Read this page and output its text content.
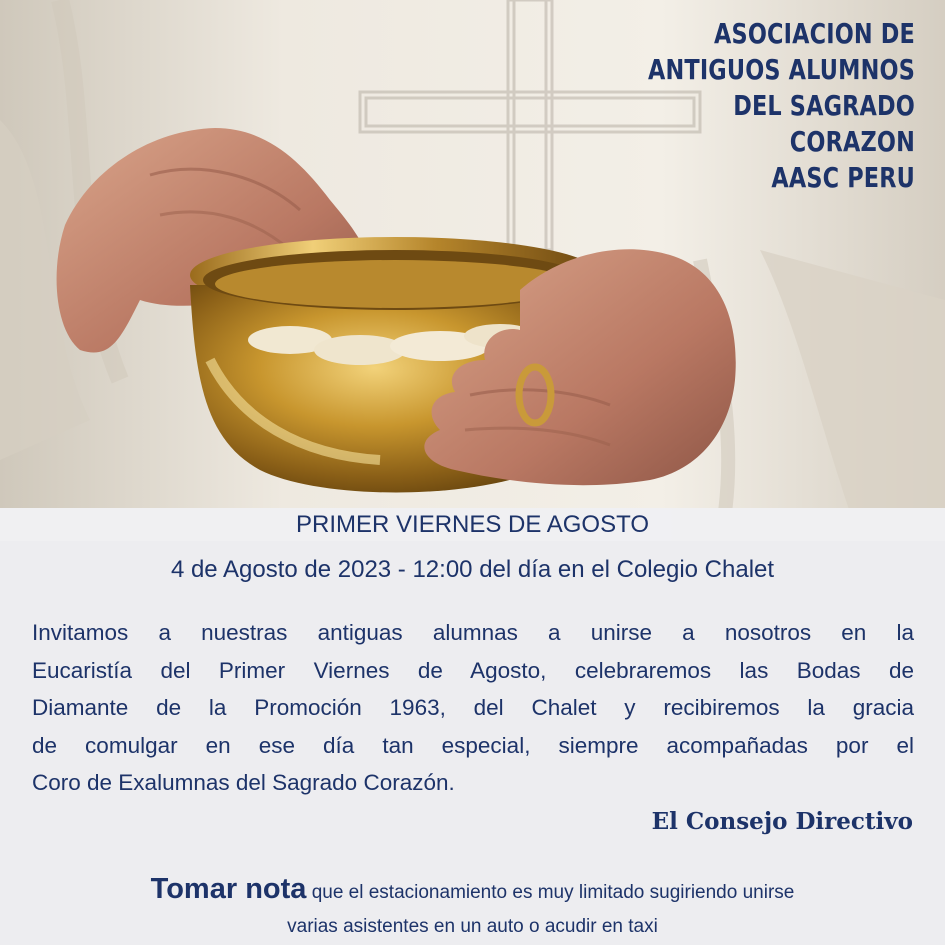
ASOCIACION DE
ANTIGUOS ALUMNOS
DEL SAGRADO
CORAZON
AASC PERU
PRIMER VIERNES DE AGOSTO
4 de Agosto de 2023 - 12:00 del día en el Colegio Chalet
Invitamos a nuestras antiguas alumnas a unirse a nosotros en la
Eucaristía del Primer Viernes de Agosto, celebraremos las Bodas de
Diamante de la Promoción 1963, del Chalet y recibiremos la gracia
de comulgar en ese día tan especial, siempre acompañadas por el
Coro de Exalumnas del Sagrado Corazón.
El Consejo Directivo
Tomar nota que el estacionamiento es muy limitado sugiriendo unirse
varias asistentes en un auto o acudir en taxi
